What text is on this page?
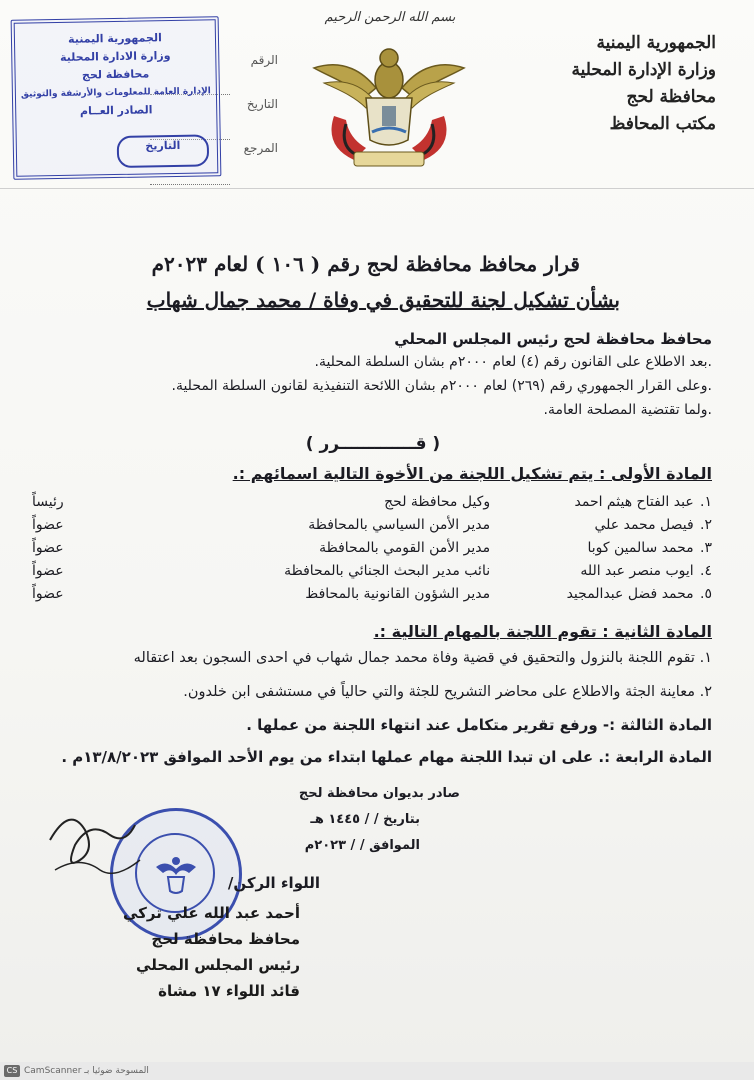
بسم الله الرحمن الرحيم
الجمهورية اليمنية
وزارة الإدارة المحلية
محافظة لحج
مكتب المحافظ
الرقم
التاريخ
المرجع
الجمهورية اليمنية
وزارة الادارة المحلية
محافظة لحج
الإدارة العامة للمعلومات والأرشفة والتوثيق
الصادر العــام
التاريخ
قرار محافظ محافظة لحج رقم ( ١٠٦ ) لعام ٢٠٢٣م
بشأن تشكيل لجنة للتحقيق في وفاة / محمد جمال شهاب
محافظ محافظة لحج رئيس المجلس المحلي
.بعد الاطلاع على القانون رقم (٤) لعام ٢٠٠٠م بشان السلطة المحلية.
.وعلى القرار الجمهوري رقم (٢٦٩) لعام ٢٠٠٠م بشان اللائحة التنفيذية لقانون السلطة المحلية.
.ولما تقتضية المصلحة العامة.
( قـــــــــــــرر )
المادة الأولى : يتم تشكيل اللجنة من الأخوة التالية اسمائهم :.
١.	عبد الفتاح هيثم احمد	وكيل محافظة لحج	رئيساً
٢.	فيصل محمد علي	مدير الأمن السياسي بالمحافظة	عضواً
٣.	محمد سالمين كوبا	مدير الأمن القومي بالمحافظة	عضواً
٤.	ايوب منصر عبد الله	نائب مدير البحث الجنائي بالمحافظة	عضواً
٥.	محمد فضل عبدالمجيد	مدير الشؤون القانونية بالمحافظ	عضواً
المادة الثانية : تقوم اللجنة بالمهام التالية :.
١. تقوم اللجنة بالنزول والتحقيق في قضية وفاة محمد جمال شهاب في احدى السجون بعد اعتقاله
٢. معاينة الجثة والاطلاع على محاضر التشريح للجثة والتي حالياً في مستشفى ابن خلدون.
المادة الثالثة :- ورفع تقرير متكامل عند انتهاء اللجنة من عملها .
المادة الرابعة :. على ان تبدا اللجنة مهام عملها ابتداء من يوم الأحد الموافق ١٣/٨/٢٠٢٣م .
صادر بديوان محافظة لحج
بتاريخ / / ١٤٤٥ هـ
الموافق / / ٢٠٢٣م
اللواء الركن/
أحمد عبد الله علي تركي
محافظ محافظة لحج
رئيس المجلس المحلي
قائد اللواء ١٧ مشاة
CS CamScanner المسوحة ضوئيا بـ
